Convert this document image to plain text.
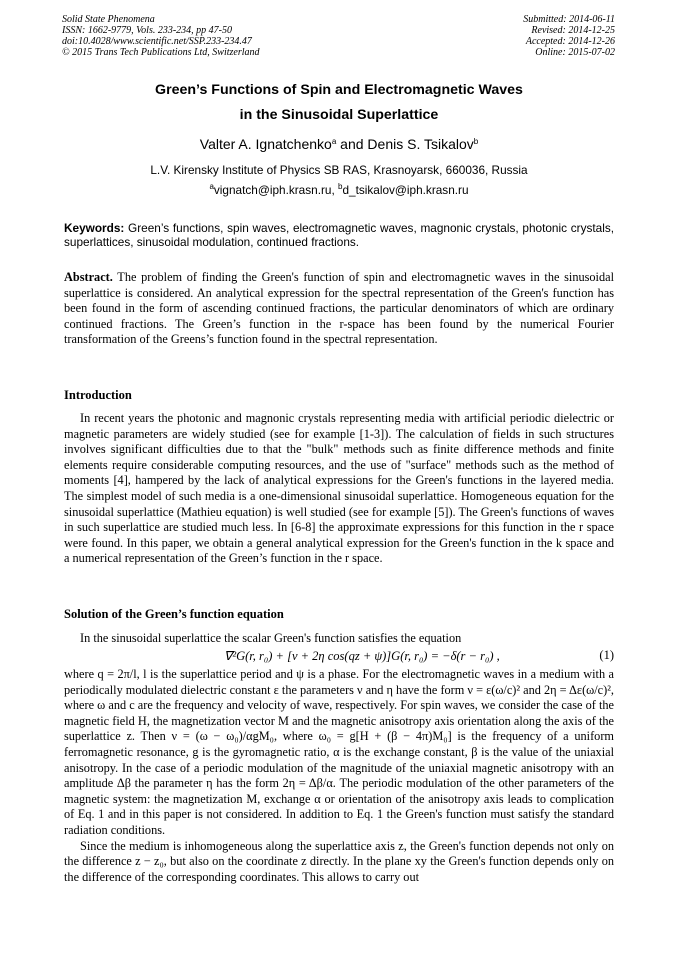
Solid State Phenomena
ISSN: 1662-9779, Vols. 233-234, pp 47-50
doi:10.4028/www.scientific.net/SSP.233-234.47
© 2015 Trans Tech Publications Ltd, Switzerland
Submitted: 2014-06-11
Revised: 2014-12-25
Accepted: 2014-12-26
Online: 2015-07-02
Green’s Functions of Spin and Electromagnetic Waves
in the Sinusoidal Superlattice
Valter A. Ignatchenko$^a$ and Denis S. Tsikalov$^b$
L.V. Kirensky Institute of Physics SB RAS, Krasnoyarsk, 660036, Russia
$^a$vignatch@iph.krasn.ru, $^b$d_tsikalov@iph.krasn.ru
Keywords: Green’s functions, spin waves, electromagnetic waves, magnonic crystals, photonic crystals, superlattices, sinusoidal modulation, continued fractions.
Abstract. The problem of finding the Green's function of spin and electromagnetic waves in the sinusoidal superlattice is considered. An analytical expression for the spectral representation of the Green's function has been found in the form of ascending continued fractions, the particular denominators of which are ordinary continued fractions. The Green’s function in the r-space has been found by the numerical Fourier transformation of the Greens’s function found in the spectral representation.
Introduction

In recent years the photonic and magnonic crystals representing media with artificial periodic dielectric or magnetic parameters are widely studied (see for example [1-3]). The calculation of fields in such structures involves significant difficulties due to that the "bulk" methods such as finite difference methods and finite elements require considerable computing resources, and the use of "surface" methods such as the method of moments [4], hampered by the lack of analytical expressions for the Green's functions in the layered media. The simplest model of such media is a one-dimensional sinusoidal superlattice. Homogeneous equation for the sinusoidal superlattice (Mathieu equation) is well studied (see for example [5]). The Green's functions of waves in such superlattice are studied much less. In [6-8] the approximate expressions for this function in the r space were found. In this paper, we obtain a general analytical expression for the Green's function in the k space and a numerical representation of the Green’s function in the r space.

Solution of the Green’s function equation

In the sinusoidal superlattice the scalar Green's function satisfies the equation

∇²G(r, r₀) + [ν + 2η cos(qz + ψ)]G(r, r₀) = −δ(r − r₀) ,	(1)

where q = 2π/l, l is the superlattice period and ψ is a phase. For the electromagnetic waves in a medium with a periodically modulated dielectric constant ε the parameters ν and η have the form ν = ε(ω/c)² and 2η = Δε(ω/c)², where ω and c are the frequency and velocity of wave, respectively. For spin waves, we consider the case of the magnetic field H, the magnetization vector M and the magnetic anisotropy axis orientation along the axis of the superlattice z. Then ν = (ω − ω₀)/αgM₀, where ω₀ = g[H + (β − 4π)M₀] is the frequency of a uniform ferromagnetic resonance, g is the gyromagnetic ratio, α is the exchange constant, β is the value of the uniaxial anisotropy. In the case of a periodic modulation of the magnitude of the uniaxial magnetic anisotropy with an amplitude Δβ the parameter η has the form 2η = Δβ/α. The periodic modulation of the other parameters of the magnetic system: the magnetization M, exchange α or orientation of the anisotropy axis leads to complication of Eq. 1 and in this paper is not considered. In addition to Eq. 1 the Green's function must satisfy the standard radiation conditions.

Since the medium is inhomogeneous along the superlattice axis z, the Green's function depends not only on the difference z − z₀, but also on the coordinate z directly. In the plane xy the Green's function depends only on the difference of the corresponding coordinates. This allows to carry out
